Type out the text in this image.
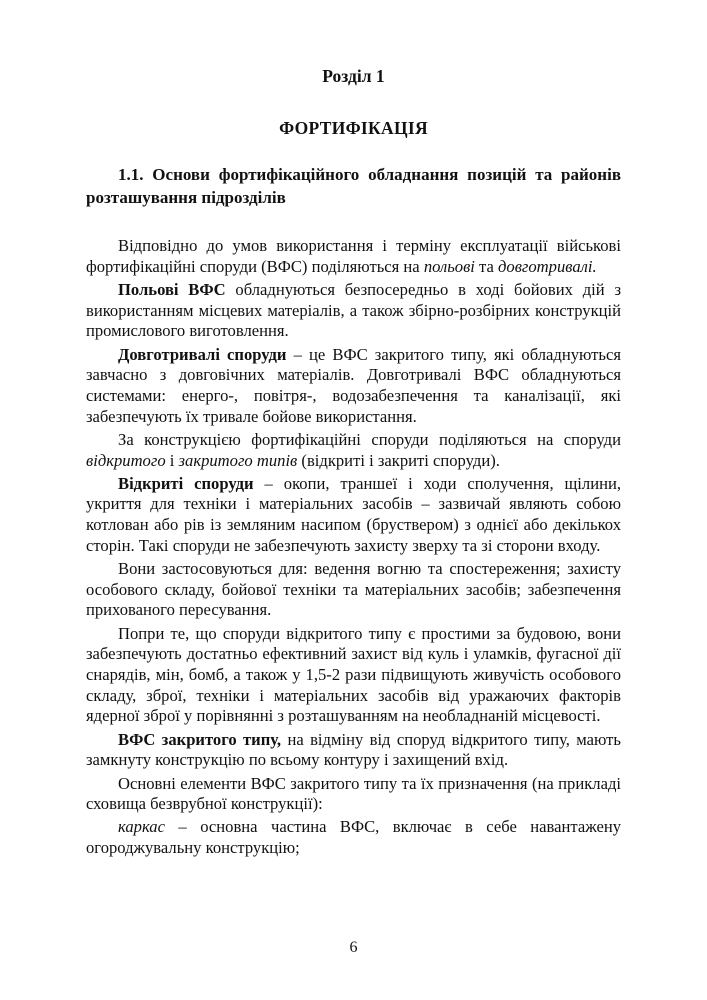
Розділ 1
ФОРТИФІКАЦІЯ
1.1. Основи фортифікаційного обладнання позицій та районів розташування підрозділів

Відповідно до умов використання і терміну експлуатації військові фортифікаційні споруди (ВФС) поділяються на польові та довготривалі.

Польові ВФС обладнуються безпосередньо в ході бойових дій з використанням місцевих матеріалів, а також збірно-розбірних конструкцій промислового виготовлення.

Довготривалі споруди – це ВФС закритого типу, які обладнуються завчасно з довговічних матеріалів. Довготривалі ВФС обладнуються системами: енерго-, повітря-, водозабезпечення та каналізації, які забезпечують їх тривале бойове використання.

За конструкцією фортифікаційні споруди поділяються на споруди відкритого і закритого типів (відкриті і закриті споруди).

Відкриті споруди – окопи, траншеї і ходи сполучення, щілини, укриття для техніки і матеріальних засобів – зазвичай являють собою котлован або рів із земляним насипом (бруствером) з однієї або декількох сторін. Такі споруди не забезпечують захисту зверху та зі сторони входу.

Вони застосовуються для: ведення вогню та спостереження; захисту особового складу, бойової техніки та матеріальних засобів; забезпечення прихованого пересування.

Попри те, що споруди відкритого типу є простими за будовою, вони забезпечують достатньо ефективний захист від куль і уламків, фугасної дії снарядів, мін, бомб, а також у 1,5-2 рази підвищують живучість особового складу, зброї, техніки і матеріальних засобів від уражаючих факторів ядерної зброї у порівнянні з розташуванням на необладнаній місцевості.

ВФС закритого типу, на відміну від споруд відкритого типу, мають замкнуту конструкцію по всьому контуру і захищений вхід.

Основні елементи ВФС закритого типу та їх призначення (на прикладі сховища безврубної конструкції):

каркас – основна частина ВФС, включає в себе навантажену огороджувальну конструкцію;

6
